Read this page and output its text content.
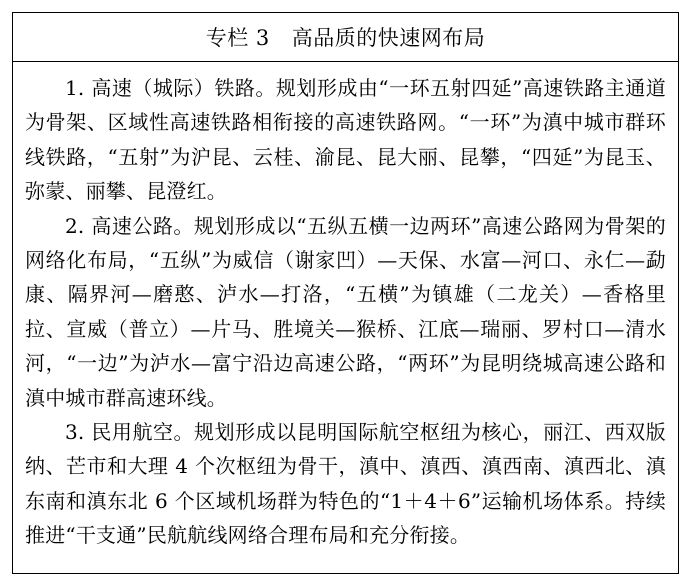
专栏 3 高品质的快速网布局

1. 高速（城际）铁路。规划形成由“一环五射四延”高速铁路主通道为骨架、区域性高速铁路相衔接的高速铁路网。“一环”为滇中城市群环线铁路，“五射”为沪昆、云桂、渝昆、昆大丽、昆攀，“四延”为昆玉、弥蒙、丽攀、昆澄红。

2. 高速公路。规划形成以“五纵五横一边两环”高速公路网为骨架的网络化布局，“五纵”为威信（谢家凹）—天保、水富—河口、永仁—勐康、隔界河—磨憨、泸水—打洛，“五横”为镇雄（二龙关）—香格里拉、宣威（普立）—片马、胜境关—猴桥、江底—瑞丽、罗村口—清水河，“一边”为泸水—富宁沿边高速公路，“两环”为昆明绕城高速公路和滇中城市群高速环线。

3. 民用航空。规划形成以昆明国际航空枢纽为核心，丽江、西双版纳、芒市和大理 4 个次枢纽为骨干，滇中、滇西、滇西南、滇西北、滇东南和滇东北 6 个区域机场群为特色的“1＋4＋6”运输机场体系。持续推进“干支通”民航航线网络合理布局和充分衔接。
